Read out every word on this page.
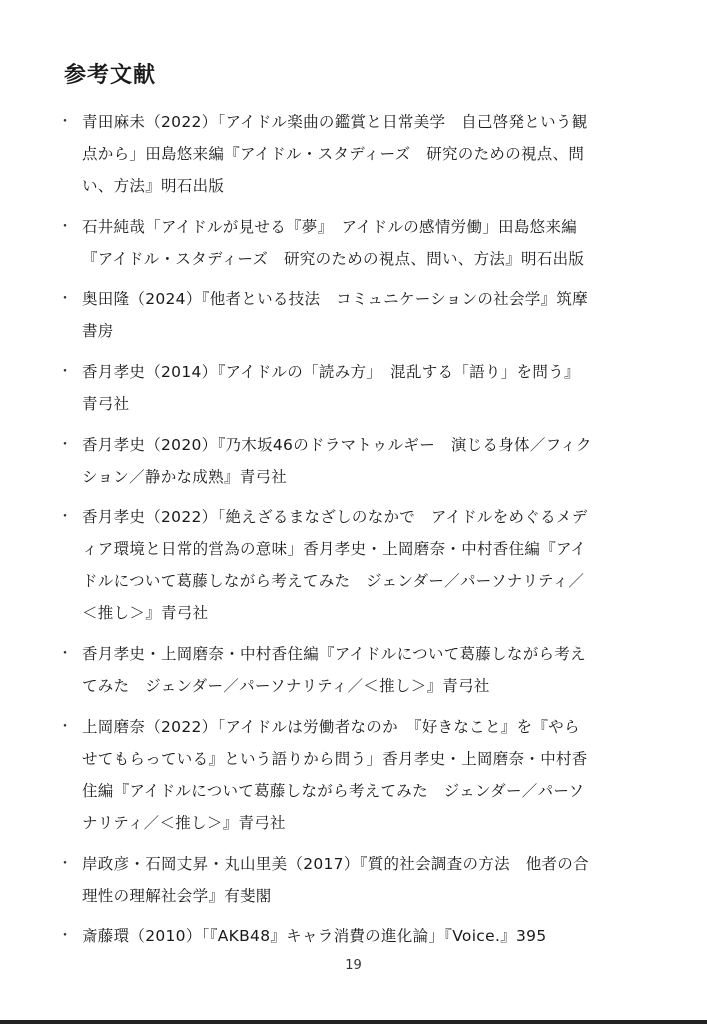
参考文献
・ 青田麻未（2022）「アイドル楽曲の鑑賞と日常美学　自己啓発という観
点から」田島悠来編『アイドル・スタディーズ　研究のための視点、問
い、方法』明石出版
・ 石井純哉「アイドルが見せる『夢』　アイドルの感情労働」田島悠来編
『アイドル・スタディーズ　研究のための視点、問い、方法』明石出版
・ 奥田隆（2024）『他者といる技法　コミュニケーションの社会学』筑摩
書房
・ 香月孝史（2014）『アイドルの「読み方」　混乱する「語り」を問う』
青弓社
・ 香月孝史（2020）『乃木坂46のドラマトゥルギー　演じる身体／フィク
ション／静かな成熟』青弓社
・ 香月孝史（2022）「絶えざるまなざしのなかで　アイドルをめぐるメデ
ィア環境と日常的営為の意味」香月孝史・上岡磨奈・中村香住編『アイ
ドルについて葛藤しながら考えてみた　ジェンダー／パーソナリティ／
＜推し＞』青弓社
・ 香月孝史・上岡磨奈・中村香住編『アイドルについて葛藤しながら考え
てみた　ジェンダー／パーソナリティ／＜推し＞』青弓社
・ 上岡磨奈（2022）「アイドルは労働者なのか　『好きなこと』を『やら
せてもらっている』という語りから問う」香月孝史・上岡磨奈・中村香
住編『アイドルについて葛藤しながら考えてみた　ジェンダー／パーソ
ナリティ／＜推し＞』青弓社
・ 岸政彦・石岡丈昇・丸山里美（2017）『質的社会調査の方法　他者の合
理性の理解社会学』有斐閣
・ 斎藤環（2010）「『AKB48』キャラ消費の進化論」『Voice.』395
19
